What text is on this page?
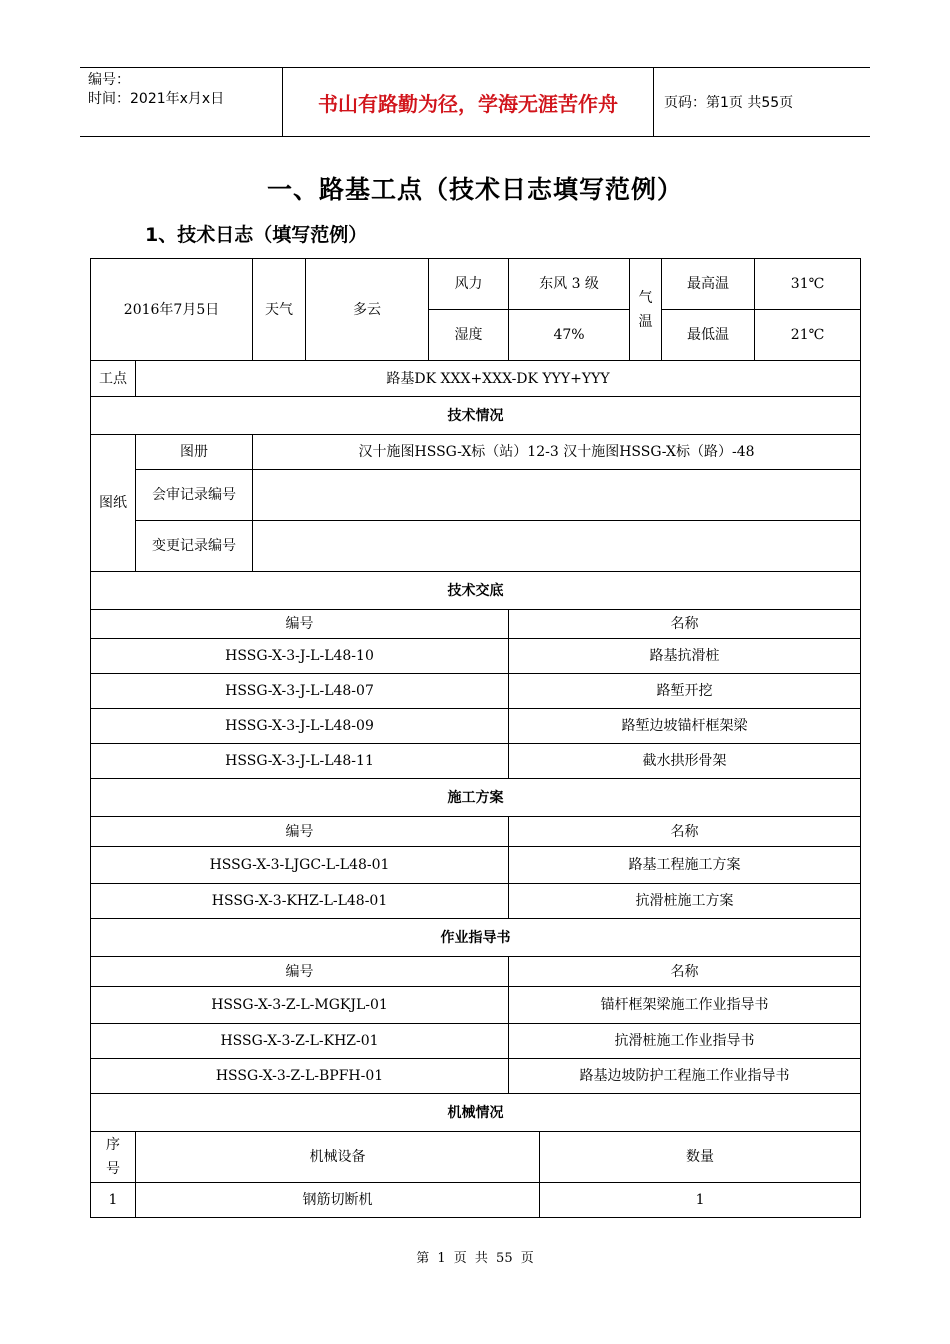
编号：
时间：2021年x月x日	书山有路勤为径，学海无涯苦作舟	页码：第1页 共55页
一、路基工点（技术日志填写范例）
1、技术日志（填写范例）
2016年7月5日		天气	多云	风力	东风 3 级		气温	最高温	31℃
				湿度	47%			最低温	21℃
工点	路基DK XXX+XXX-DK YYY+YYY								
技术情况									
图纸	图册	汉十施图HSSG-X标（站）12-3 汉十施图HSSG-X标（路）-48							
	会审记录编号								
	变更记录编号								
技术交底									
编号					名称				
HSSG-X-3-J-L-L48-10					路基抗滑桩				
HSSG-X-3-J-L-L48-07					路堑开挖				
HSSG-X-3-J-L-L48-09					路堑边坡锚杆框架梁				
HSSG-X-3-J-L-L48-11					截水拱形骨架				
施工方案									
编号					名称				
HSSG-X-3-LJGC-L-L48-01					路基工程施工方案				
HSSG-X-3-KHZ-L-L48-01					抗滑桩施工方案				
作业指导书									
编号					名称				
HSSG-X-3-Z-L-MGKJL-01					锚杆框架梁施工作业指导书				
HSSG-X-3-Z-L-KHZ-01					抗滑桩施工作业指导书				
HSSG-X-3-Z-L-BPFH-01					路基边坡防护工程施工作业指导书				
机械情况									
序号	机械设备					数量			
1	钢筋切断机					1			
第 1 页 共 55 页
